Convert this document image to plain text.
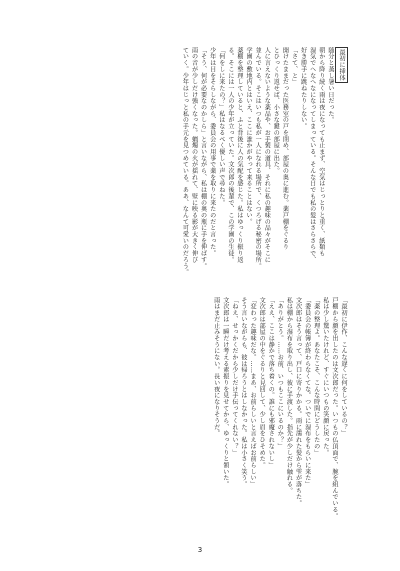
最初に挿体

随分と蒸し暑い日だった。

朝から降り続く雨は夜になっても止まず、空気はじっとりと重く、紙類も

湿気でへなへなになってしまっている。そんな日でも私の髪はさらさらで、

好き勝手に跳ねたりしない。

「さて、と」

開けたままだった医務室の戸を閉め、部屋の奥に進む。薬戸棚をぐるり

とひっくり返せば、小さな鍵の部屋に出た。

人に言えないような薬品や、お手製の道具、それに私の趣味の品々がそこに

並んでいる。そこはいつも私が一人になれる場所で、くつろげる秘密の場所。

学園の敷地内とはいえ、ここに誰かがやって来ることはない。

薬棚を整理していると、ふと背後に人の気配を感じた。私はゆっくり振り返

る。そこには一人の少年が立っていた。文次郎の後輩で、この学園の生徒。

「何をしに来たの？」私はなるべく優しい声で尋ねた。

少年は目をそらしながら、委員会の用事で薬を取りに来たのだと言った。

「そう、何が必要なのかしら」と言いながら、私は棚の奥の瓶に手を伸ばす。

雨の音が少しだけ強くなった。蝋燭の火が揺れて、壁に映る影が大きく伸び

ていく。少年はじっと私の手元を見つめている。ああ、なんて可愛いのだろう。

「最初に伊作、こんな遅くに何をしているの？」

戸棚から顔を出したのは文次郎だった。いつもの仏頂面で、腕を組んでいる。

私は少し驚いたけれど、すぐにいつもの笑顔に戻った。

「薬の整理よ。あなたこそ、こんな時間にどうしたの」

「委員会の帳簿が終わらなくてな。ついでに湿布をもらいに来た」

文次郎はそう言って、戸口に寄りかかる。雨に濡れた髪から雫が落ちた。

私は棚から湿布を取り出し、彼に手渡した。指先が少しだけ触れる。

「ありがとう。……お前、いつもここにいるのか？」

「ええ、ここは静かで落ち着くの。誰にも邪魔されないし」

文次郎は部屋の中をぐるりと見回して、少し眉をひそめた。

「変わった趣味だな。……まあ、お前らしいと言えばお前らしい」

そう言いながらも、彼は帰ろうとはしなかった。私は小さく笑う。

「ねえ、せっかくだから少しだけ手伝ってくれない？」

文次郎は一瞬だけ考える素振りを見せてから、ゆっくりと頷いた。

雨はまだ止みそうにない。長い夜になりそうだ。

3
